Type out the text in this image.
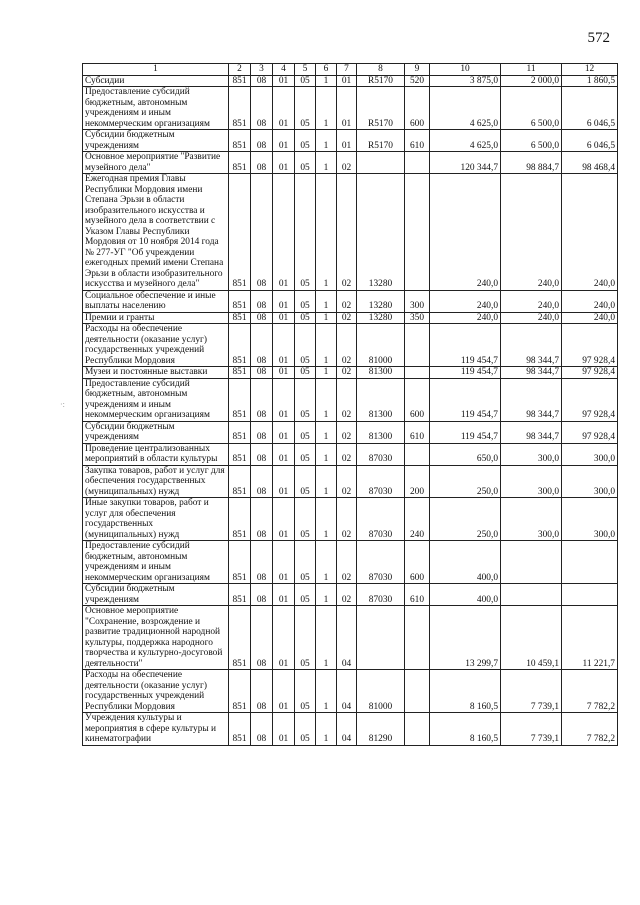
572
1	2	3	4	5	6	7	8	9	10	11	12
Субсидии	851	08	01	05	1	01	R5170	520	3 875,0	2 000,0	1 860,5
Предоставление субсидий бюджетным, автономным учреждениям и иным некоммерческим организациям	851	08	01	05	1	01	R5170	600	4 625,0	6 500,0	6 046,5
Субсидии бюджетным учреждениям	851	08	01	05	1	01	R5170	610	4 625,0	6 500,0	6 046,5
Основное мероприятие "Развитие музейного дела"	851	08	01	05	1	02			120 344,7	98 884,7	98 468,4
Ежегодная премия Главы Республики Мордовия имени Степана Эрьзи в области изобразительного искусства и музейного дела в соответствии с Указом Главы Республики Мордовия от 10 ноября 2014 года № 277-УГ "Об учреждении ежегодных премий имени Степана Эрьзи в области изобразительного искусства и музейного дела"	851	08	01	05	1	02	13280		240,0	240,0	240,0
Социальное обеспечение и иные выплаты населению	851	08	01	05	1	02	13280	300	240,0	240,0	240,0
Премии и гранты	851	08	01	05	1	02	13280	350	240,0	240,0	240,0
Расходы на обеспечение деятельности (оказание услуг) государственных учреждений Республики Мордовия	851	08	01	05	1	02	81000		119 454,7	98 344,7	97 928,4
Музеи и постоянные выставки	851	08	01	05	1	02	81300		119 454,7	98 344,7	97 928,4
Предоставление субсидий бюджетным, автономным учреждениям и иным некоммерческим организациям	851	08	01	05	1	02	81300	600	119 454,7	98 344,7	97 928,4
Субсидии бюджетным учреждениям	851	08	01	05	1	02	81300	610	119 454,7	98 344,7	97 928,4
Проведение централизованных мероприятий в области культуры	851	08	01	05	1	02	87030		650,0	300,0	300,0
Закупка товаров, работ и услуг для обеспечения государственных (муниципальных) нужд	851	08	01	05	1	02	87030	200	250,0	300,0	300,0
Иные закупки товаров, работ и услуг для обеспечения государственных (муниципальных) нужд	851	08	01	05	1	02	87030	240	250,0	300,0	300,0
Предоставление субсидий бюджетным, автономным учреждениям и иным некоммерческим организациям	851	08	01	05	1	02	87030	600	400,0		
Субсидии бюджетным учреждениям	851	08	01	05	1	02	87030	610	400,0		
Основное мероприятие "Сохранение, возрождение и развитие традиционной народной культуры, поддержка народного творчества и культурно-досуговой деятельности"	851	08	01	05	1	04			13 299,7	10 459,1	11 221,7
Расходы на обеспечение деятельности (оказание услуг) государственных учреждений Республики Мордовия	851	08	01	05	1	04	81000		8 160,5	7 739,1	7 782,2
Учреждения культуры и мероприятия в сфере культуры и кинематографии	851	08	01	05	1	04	81290		8 160,5	7 739,1	7 782,2
·:
